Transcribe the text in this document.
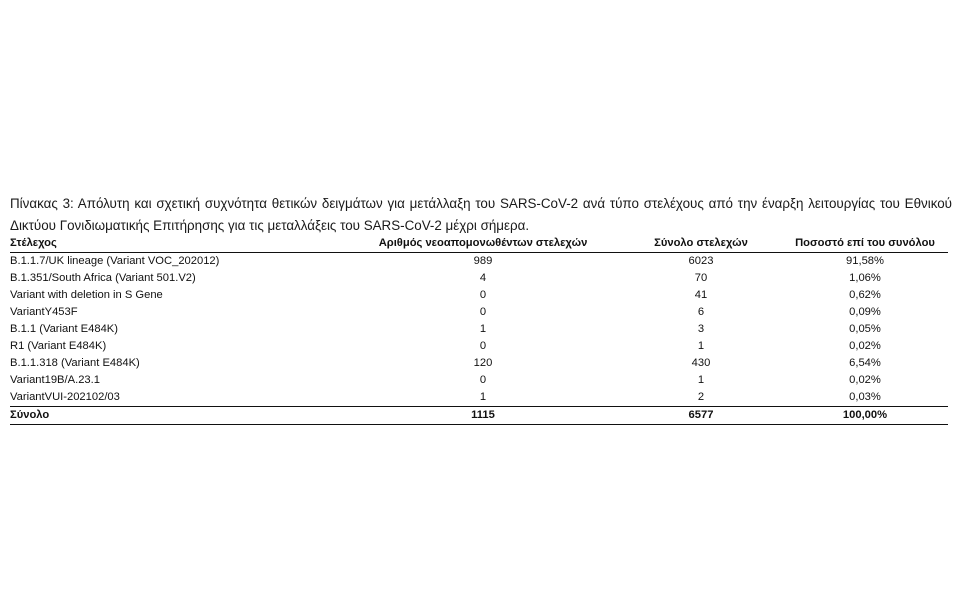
Πίνακας 3: Απόλυτη και σχετική συχνότητα θετικών δειγμάτων για μετάλλαξη του SARS-CoV-2 ανά τύπο στελέχους από την έναρξη λειτουργίας του Εθνικού Δικτύου Γονιδιωματικής Επιτήρησης για τις μεταλλάξεις του SARS-CoV-2 μέχρι σήμερα.

Στέλεχος	Αριθμός νεοαπομονωθέντων στελεχών	Σύνολο στελεχών	Ποσοστό επί του συνόλου
B.1.1.7/UK lineage (Variant VOC_202012)	989	6023	91,58%
B.1.351/South Africa (Variant 501.V2)	4	70	1,06%
Variant with deletion in S Gene	0	41	0,62%
VariantY453F	0	6	0,09%
B.1.1 (Variant E484K)	1	3	0,05%
R1 (Variant E484K)	0	1	0,02%
B.1.1.318 (Variant E484K)	120	430	6,54%
Variant19B/A.23.1	0	1	0,02%
VariantVUI-202102/03	1	2	0,03%
Σύνολο	1115	6577	100,00%
